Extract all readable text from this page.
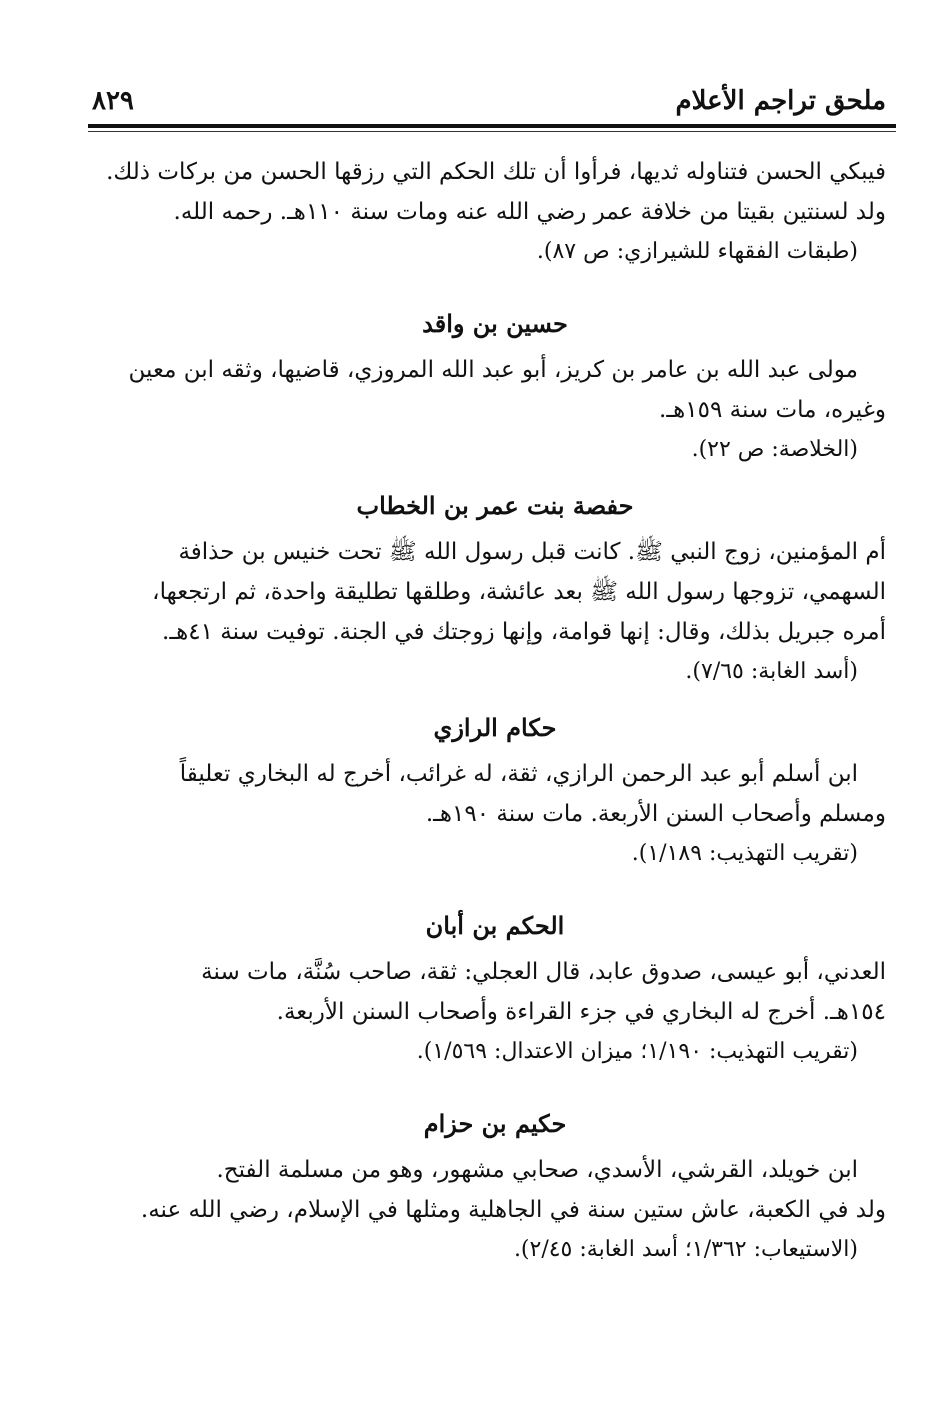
ملحق تراجم الأعلام
٨٢٩
فيبكي الحسن فتناوله ثديها، فرأوا أن تلك الحكم التي رزقها الحسن من بركات ذلك.
ولد لسنتين بقيتا من خلافة عمر رضي الله عنه ومات سنة ١١٠هـ. رحمه الله.
(طبقات الفقهاء للشيرازي: ص ٨٧).
حسين بن واقد
مولى عبد الله بن عامر بن كريز، أبو عبد الله المروزي، قاضيها، وثقه ابن معين
وغيره، مات سنة ١٥٩هـ.
(الخلاصة: ص ٢٢).
حفصة بنت عمر بن الخطاب
أم المؤمنين، زوج النبي ﷺ. كانت قبل رسول الله ﷺ تحت خنيس بن حذافة
السهمي، تزوجها رسول الله ﷺ بعد عائشة، وطلقها تطليقة واحدة، ثم ارتجعها،
أمره جبريل بذلك، وقال: إنها قوامة، وإنها زوجتك في الجنة. توفيت سنة ٤١هـ.
(أسد الغابة: ٧/٦٥).
حكام الرازي
ابن أسلم أبو عبد الرحمن الرازي، ثقة، له غرائب، أخرج له البخاري تعليقاً
ومسلم وأصحاب السنن الأربعة. مات سنة ١٩٠هـ.
(تقريب التهذيب: ١/١٨٩).
الحكم بن أبان
العدني، أبو عيسى، صدوق عابد، قال العجلي: ثقة، صاحب سُنَّة، مات سنة
١٥٤هـ. أخرج له البخاري في جزء القراءة وأصحاب السنن الأربعة.
(تقريب التهذيب: ١/١٩٠؛ ميزان الاعتدال: ١/٥٦٩).
حكيم بن حزام
ابن خويلد، القرشي، الأسدي، صحابي مشهور، وهو من مسلمة الفتح.
ولد في الكعبة، عاش ستين سنة في الجاهلية ومثلها في الإسلام، رضي الله عنه.
(الاستيعاب: ١/٣٦٢؛ أسد الغابة: ٢/٤٥).
